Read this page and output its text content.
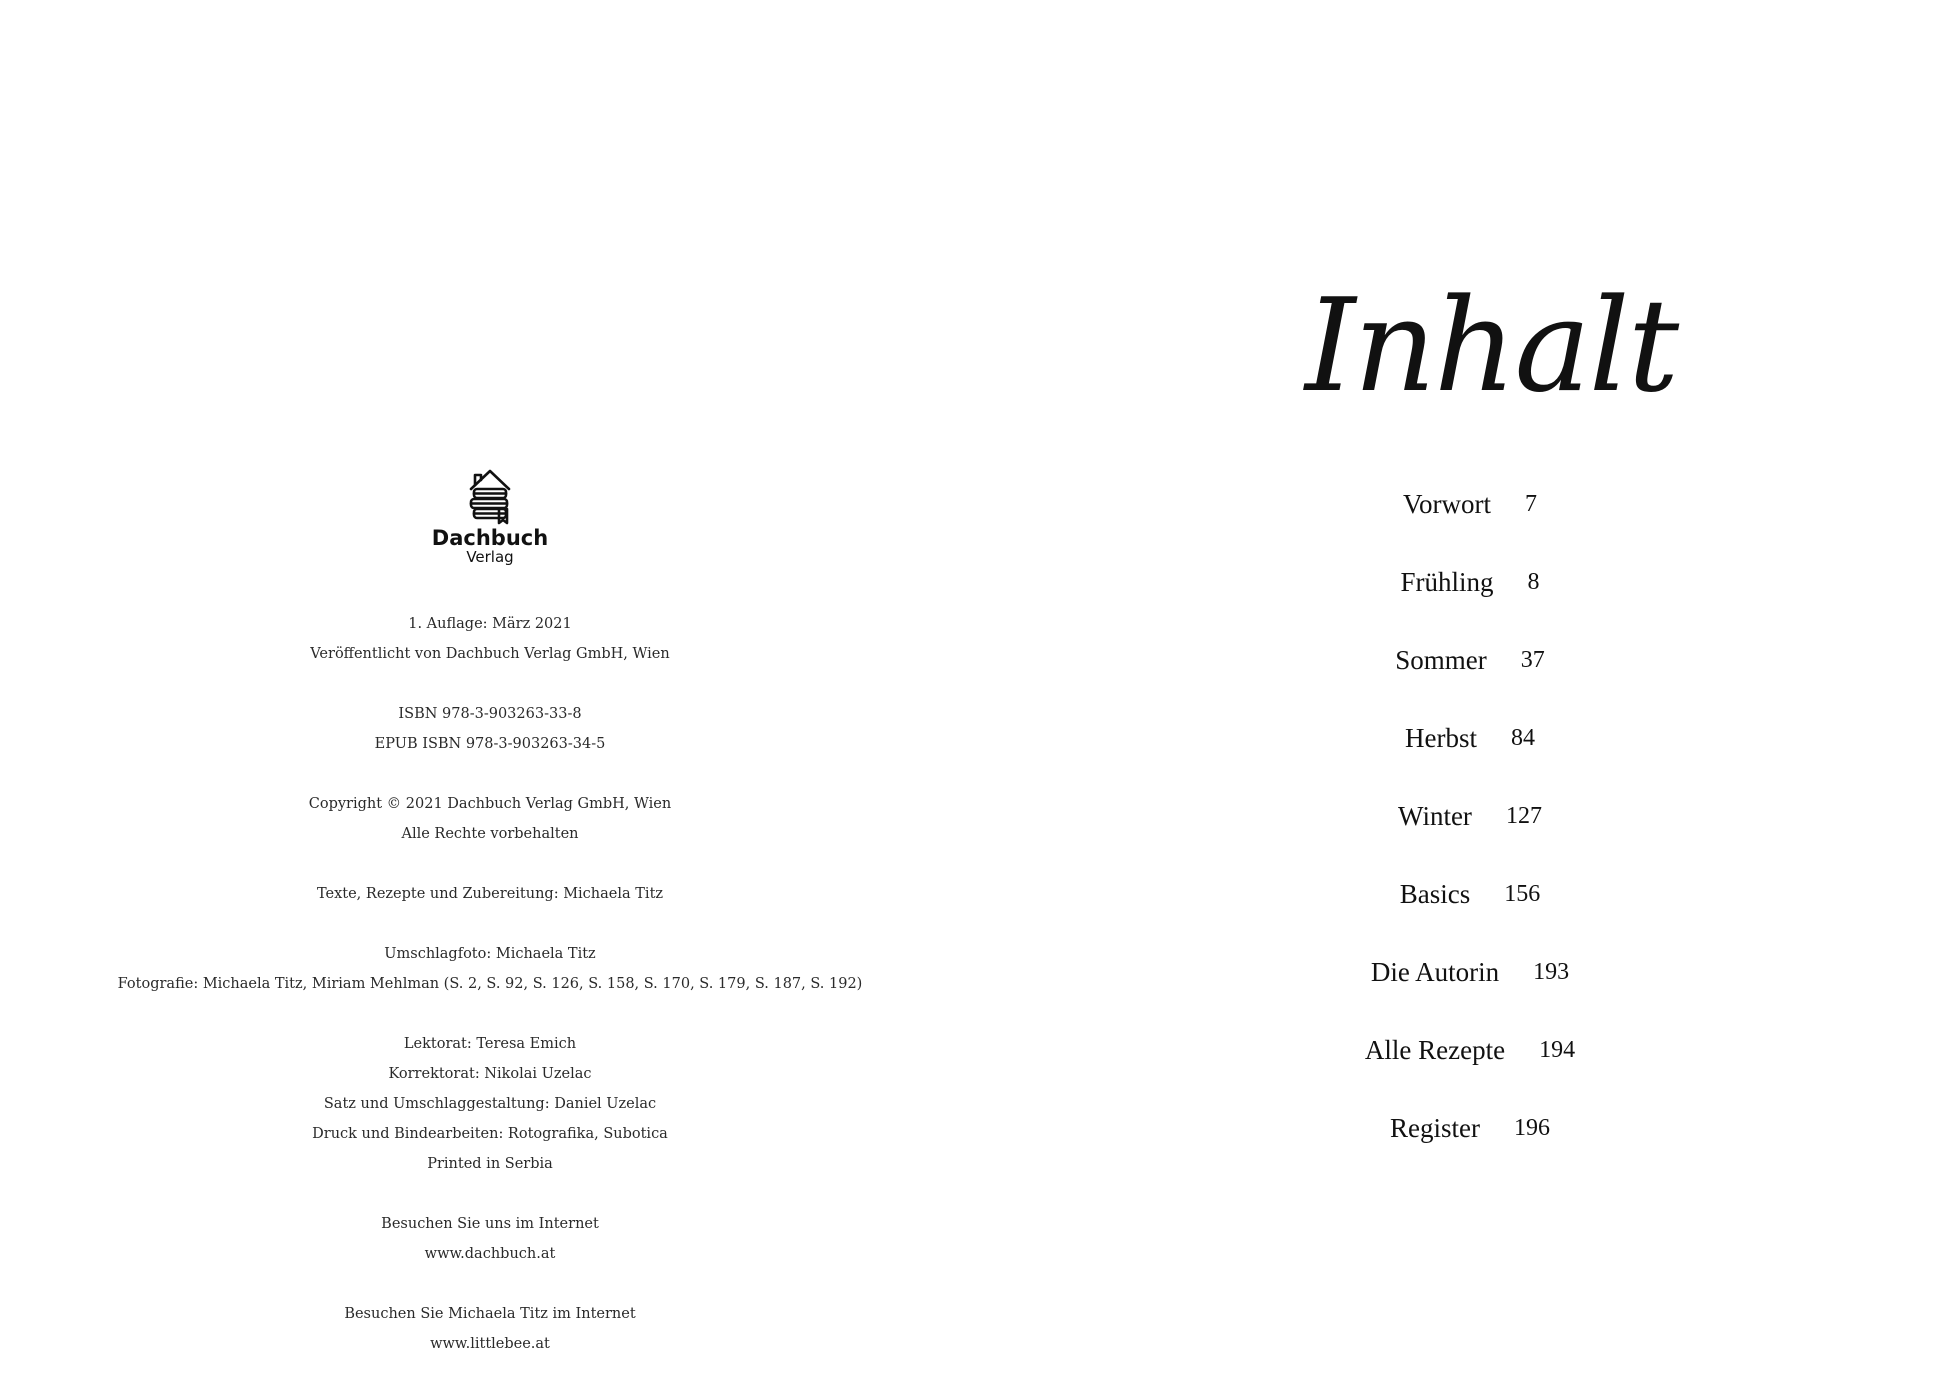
Dachbuch
Verlag
1. Auflage: März 2021
Veröffentlicht von Dachbuch Verlag GmbH, Wien
ISBN 978-3-903263-33-8
EPUB ISBN 978-3-903263-34-5
Copyright © 2021 Dachbuch Verlag GmbH, Wien
Alle Rechte vorbehalten
Texte, Rezepte und Zubereitung: Michaela Titz
Umschlagfoto: Michaela Titz
Fotografie: Michaela Titz, Miriam Mehlman (S. 2, S. 92, S. 126, S. 158, S. 170, S. 179, S. 187, S. 192)
Lektorat: Teresa Emich
Korrektorat: Nikolai Uzelac
Satz und Umschlaggestaltung: Daniel Uzelac
Druck und Bindearbeiten: Rotografika, Subotica
Printed in Serbia
Besuchen Sie uns im Internet
www.dachbuch.at
Besuchen Sie Michaela Titz im Internet
www.littlebee.at
Inhalt
Vorwort 7
Frühling 8
Sommer 37
Herbst 84
Winter 127
Basics 156
Die Autorin 193
Alle Rezepte 194
Register 196
